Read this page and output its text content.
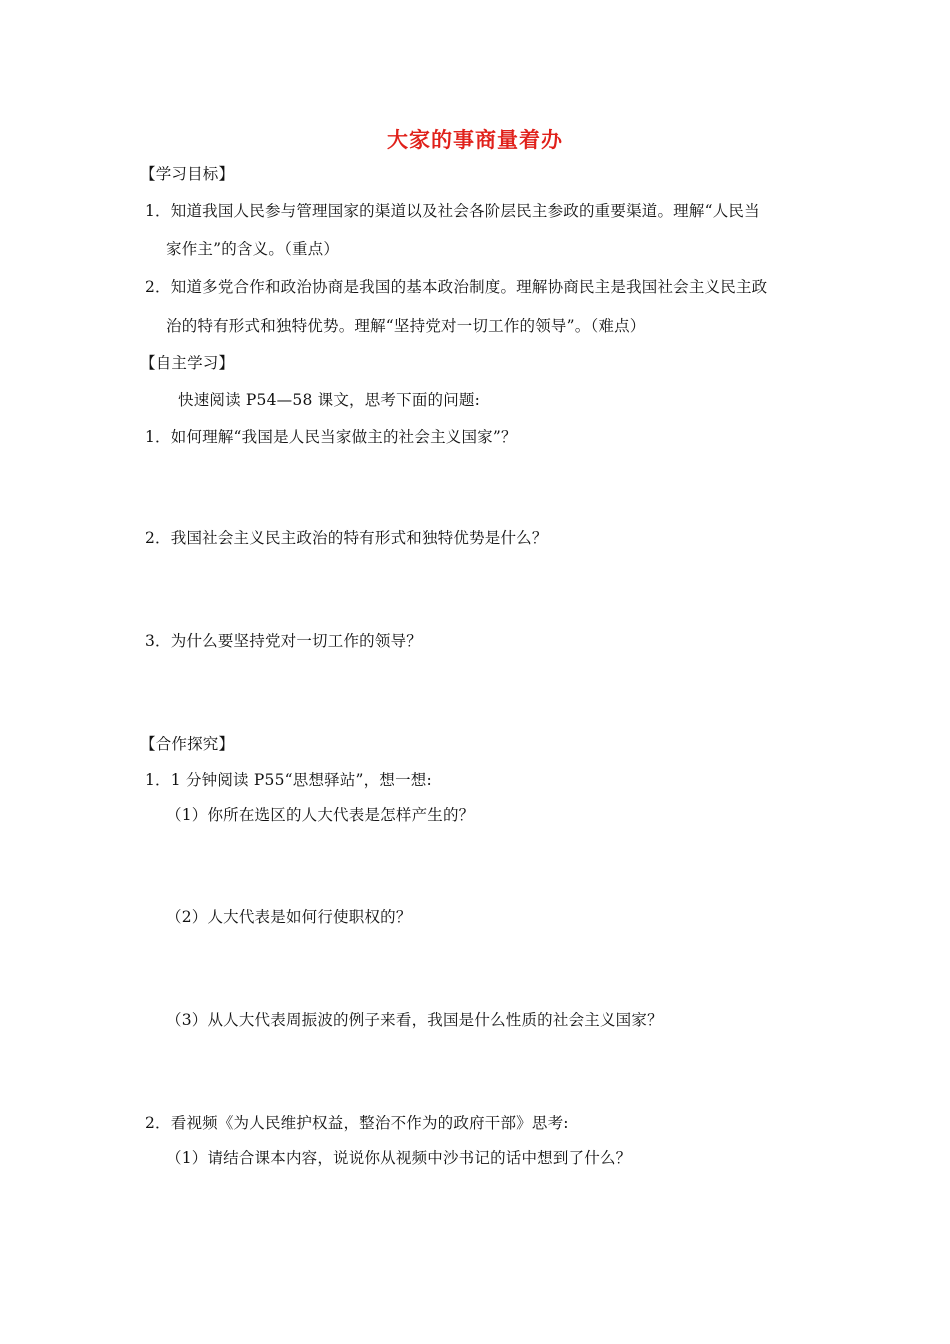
大家的事商量着办
【学习目标】
1．知道我国人民参与管理国家的渠道以及社会各阶层民主参政的重要渠道。理解“人民当
家作主”的含义。（重点）
2．知道多党合作和政治协商是我国的基本政治制度。理解协商民主是我国社会主义民主政
治的特有形式和独特优势。理解“坚持党对一切工作的领导”。（难点）
【自主学习】
快速阅读 P54—58 课文，思考下面的问题:
1．如何理解“我国是人民当家做主的社会主义国家”？
2．我国社会主义民主政治的特有形式和独特优势是什么？
3．为什么要坚持党对一切工作的领导？
【合作探究】
1．1 分钟阅读 P55“思想驿站”，想一想:
（1）你所在选区的人大代表是怎样产生的？
（2）人大代表是如何行使职权的？
（3）从人大代表周振波的例子来看，我国是什么性质的社会主义国家？
2．看视频《为人民维护权益，整治不作为的政府干部》思考:
（1）请结合课本内容，说说你从视频中沙书记的话中想到了什么？
